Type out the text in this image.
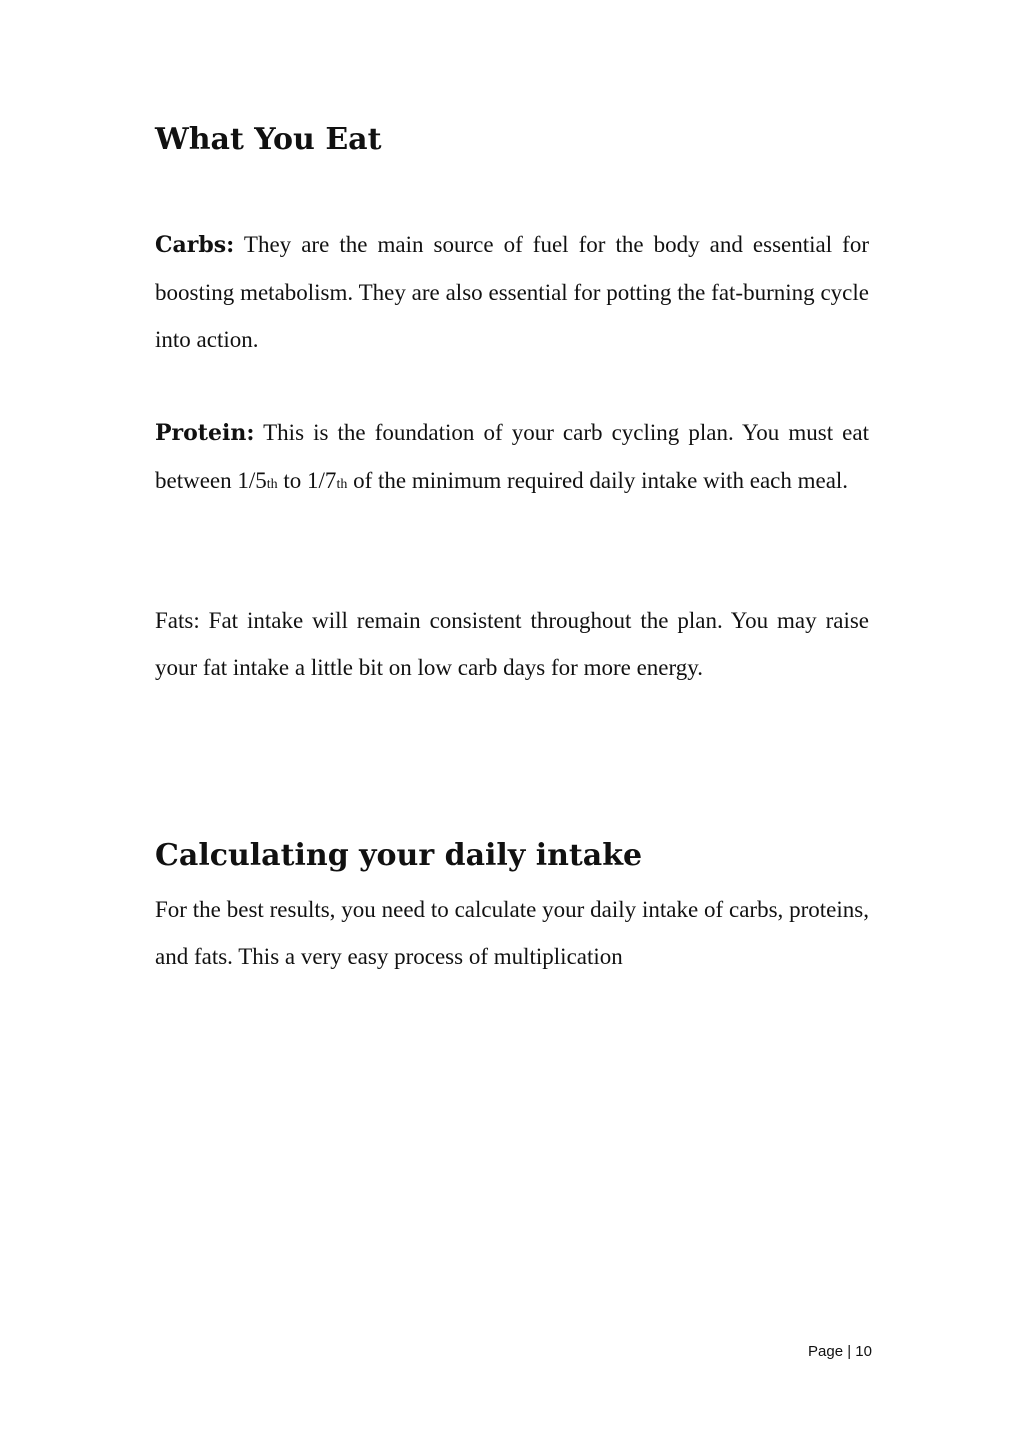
What You Eat

Carbs: They are the main source of fuel for the body and essential for boosting metabolism. They are also essential for potting the fat-burning cycle into action.

Protein: This is the foundation of your carb cycling plan. You must eat between 1/5th to 1/7th of the minimum required daily intake with each meal.

Fats: Fat intake will remain consistent throughout the plan. You may raise your fat intake a little bit on low carb days for more energy.

Calculating your daily intake

For the best results, you need to calculate your daily intake of carbs, proteins, and fats. This a very easy process of multiplication

Page | 10
